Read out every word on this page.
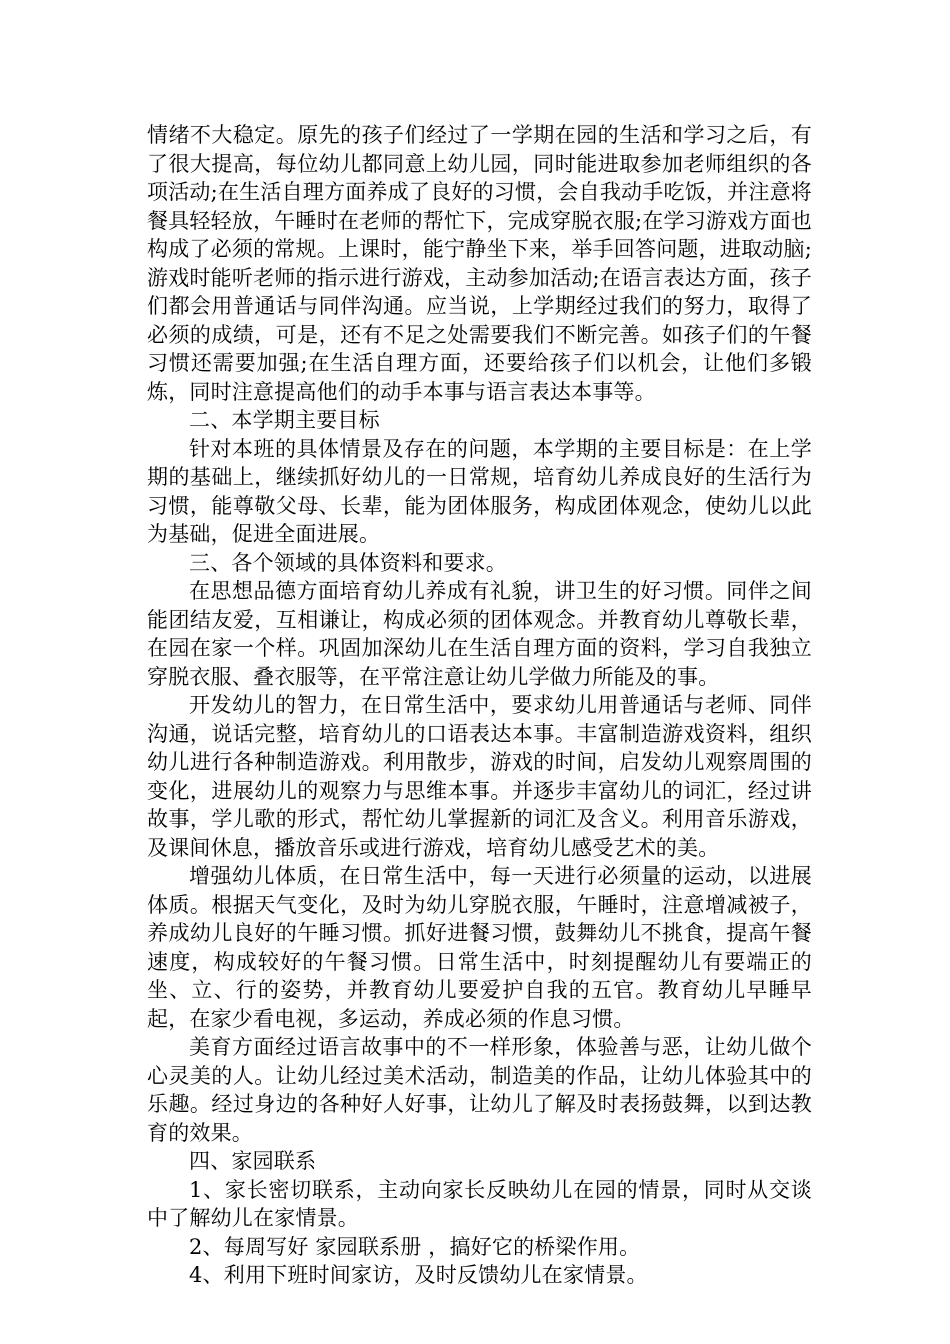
情绪不大稳定。原先的孩子们经过了一学期在园的生活和学习之后，有了很大提高，每位幼儿都同意上幼儿园，同时能进取参加老师组织的各项活动;在生活自理方面养成了良好的习惯，会自我动手吃饭，并注意将餐具轻轻放，午睡时在老师的帮忙下，完成穿脱衣服;在学习游戏方面也构成了必须的常规。上课时，能宁静坐下来，举手回答问题，进取动脑;游戏时能听老师的指示进行游戏，主动参加活动;在语言表达方面，孩子们都会用普通话与同伴沟通。应当说，上学期经过我们的努力，取得了必须的成绩，可是，还有不足之处需要我们不断完善。如孩子们的午餐习惯还需要加强;在生活自理方面，还要给孩子们以机会，让他们多锻炼，同时注意提高他们的动手本事与语言表达本事等。

二、本学期主要目标

针对本班的具体情景及存在的问题，本学期的主要目标是：在上学期的基础上，继续抓好幼儿的一日常规，培育幼儿养成良好的生活行为习惯，能尊敬父母、长辈，能为团体服务，构成团体观念，使幼儿以此为基础，促进全面进展。

三、各个领域的具体资料和要求。

在思想品德方面培育幼儿养成有礼貌，讲卫生的好习惯。同伴之间能团结友爱，互相谦让，构成必须的团体观念。并教育幼儿尊敬长辈，在园在家一个样。巩固加深幼儿在生活自理方面的资料，学习自我独立穿脱衣服、叠衣服等，在平常注意让幼儿学做力所能及的事。

开发幼儿的智力，在日常生活中，要求幼儿用普通话与老师、同伴沟通，说话完整，培育幼儿的口语表达本事。丰富制造游戏资料，组织幼儿进行各种制造游戏。利用散步，游戏的时间，启发幼儿观察周围的变化，进展幼儿的观察力与思维本事。并逐步丰富幼儿的词汇，经过讲故事，学儿歌的形式，帮忙幼儿掌握新的词汇及含义。利用音乐游戏，及课间休息，播放音乐或进行游戏，培育幼儿感受艺术的美。

增强幼儿体质，在日常生活中，每一天进行必须量的运动，以进展体质。根据天气变化，及时为幼儿穿脱衣服，午睡时，注意增减被子，养成幼儿良好的午睡习惯。抓好进餐习惯，鼓舞幼儿不挑食，提高午餐速度，构成较好的午餐习惯。日常生活中，时刻提醒幼儿有要端正的坐、立、行的姿势，并教育幼儿要爱护自我的五官。教育幼儿早睡早起，在家少看电视，多运动，养成必须的作息习惯。

美育方面经过语言故事中的不一样形象，体验善与恶，让幼儿做个心灵美的人。让幼儿经过美术活动，制造美的作品，让幼儿体验其中的乐趣。经过身边的各种好人好事，让幼儿了解及时表扬鼓舞，以到达教育的效果。

四、家园联系

1、家长密切联系，主动向家长反映幼儿在园的情景，同时从交谈中了解幼儿在家情景。

2、每周写好 家园联系册 ，搞好它的桥梁作用。

4、利用下班时间家访，及时反馈幼儿在家情景。
